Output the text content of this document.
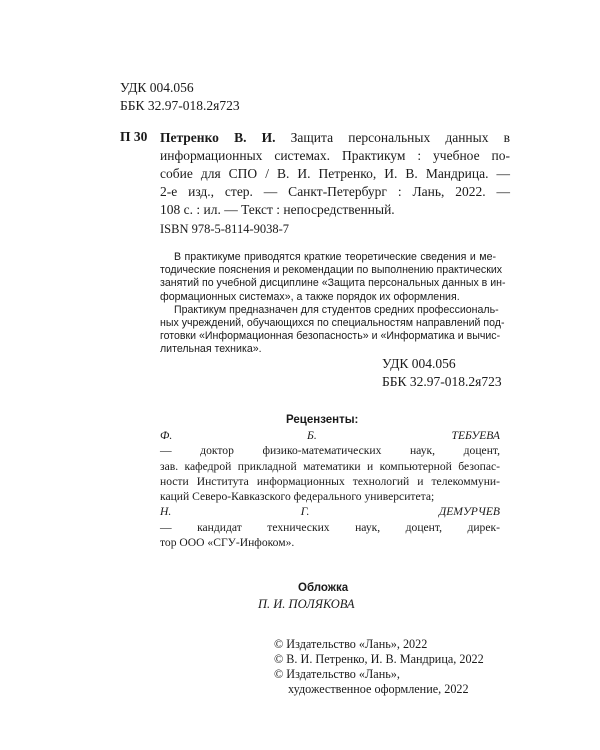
УДК 004.056
ББК 32.97-018.2я723
П 30 Петренко В. И. Защита персональных данных в
информационных системах. Практикум : учебное по-
собие для СПО / В. И. Петренко, И. В. Мандрица. —
2-е изд., стер. — Санкт-Петербург : Лань, 2022. —
108 с. : ил. — Текст : непосредственный.
ISBN 978-5-8114-9038-7
В практикуме приводятся краткие теоретические сведения и ме-
тодические пояснения и рекомендации по выполнению практических
занятий по учебной дисциплине «Защита персональных данных в ин-
формационных системах», а также порядок их оформления.
Практикум предназначен для студентов средних профессиональ-
ных учреждений, обучающихся по специальностям направлений под-
готовки «Информационная безопасность» и «Информатика и вычис-
лительная техника».
УДК 004.056
ББК 32.97-018.2я723
Рецензенты:
Ф. Б. ТЕБУЕВА
— доктор физико-математических наук, доцент,
зав. кафедрой прикладной математики и компьютерной безопас-
ности Института информационных технологий и телекоммуни-
каций Северо-Кавказского федерального университета;
Н. Г. ДЕМУРЧЕВ
— кандидат технических наук, доцент, дирек-
тор ООО «СГУ-Инфоком».
Обложка
П. И. ПОЛЯКОВА
© Издательство «Лань», 2022
© В. И. Петренко, И. В. Мандрица, 2022
© Издательство «Лань»,
художественное оформление, 2022
